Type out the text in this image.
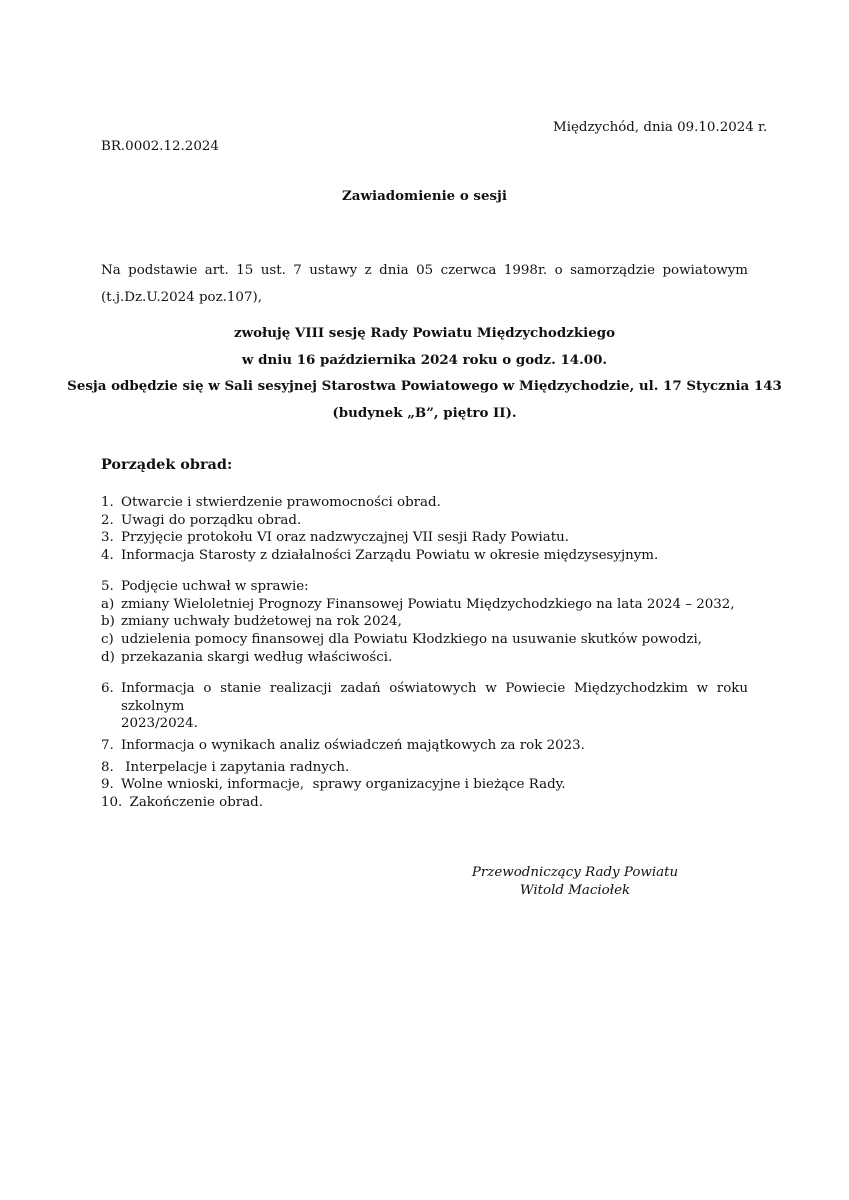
Międzychód, dnia 09.10.2024 r.
BR.0002.12.2024
Zawiadomienie o sesji
Na podstawie art. 15 ust. 7 ustawy z dnia 05 czerwca 1998r. o samorządzie powiatowym
(t.j.Dz.U.2024 poz.107),
zwołuję VIII sesję Rady Powiatu Międzychodzkiego
w dniu 16 października 2024 roku o godz. 14.00.
Sesja odbędzie się w Sali sesyjnej Starostwa Powiatowego w Międzychodzie, ul. 17 Stycznia 143
(budynek „B”, piętro II).
Porządek obrad:
1. Otwarcie i stwierdzenie prawomocności obrad.
2. Uwagi do porządku obrad.
3. Przyjęcie protokołu VI oraz nadzwyczajnej VII sesji Rady Powiatu.
4. Informacja Starosty z działalności Zarządu Powiatu w okresie międzysesyjnym.
5. Podjęcie uchwał w sprawie:
a) zmiany Wieloletniej Prognozy Finansowej Powiatu Międzychodzkiego na lata 2024 – 2032,
b) zmiany uchwały budżetowej na rok 2024,
c) udzielenia pomocy finansowej dla Powiatu Kłodzkiego na usuwanie skutków powodzi,
d) przekazania skargi według właściwości.
6. Informacja o stanie realizacji zadań oświatowych w Powiecie Międzychodzkim w roku szkolnym
2023/2024.
7. Informacja o wynikach analiz oświadczeń majątkowych za rok 2023.
8. Interpelacje i zapytania radnych.
9. Wolne wnioski, informacje,  sprawy organizacyjne i bieżące Rady.
10.
Zakończenie obrad.
Przewodniczący Rady Powiatu
Witold Maciołek
